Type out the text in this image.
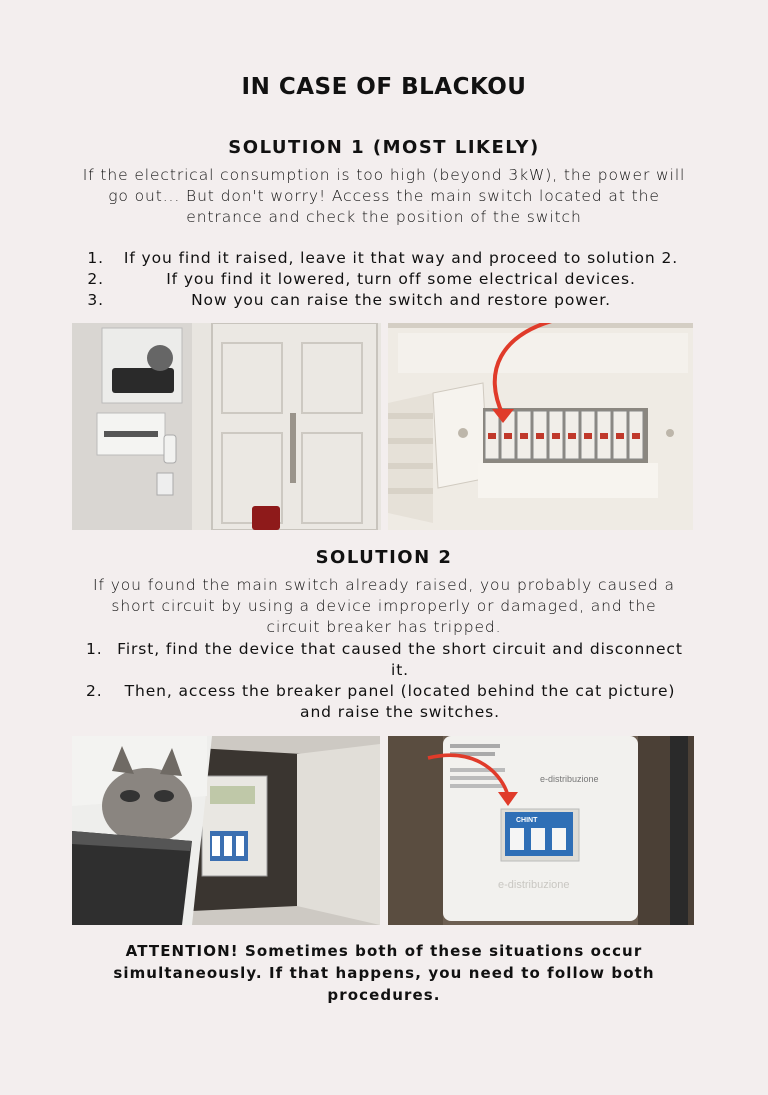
IN CASE OF BLACKOU
SOLUTION 1 (MOST LIKELY)
If the electrical consumption is too high (beyond 3kW), the power will
go out... But don't worry! Access the main switch located at the
entrance and check the position of the switch
1.	If you find it raised, leave it that way and proceed to solution 2.
2.	If you find it lowered, turn off some electrical devices.
3.	Now you can raise the switch and restore power.
SOLUTION 2
If you found the main switch already raised, you probably caused a
short circuit by using a device improperly or damaged, and the
circuit breaker has tripped.
1. First, find the device that caused the short circuit and disconnect it.
2. Then, access the breaker panel (located behind the cat picture) and raise the switches.
e-distribuzione
CHINT
e-distribuzione
ATTENTION! Sometimes both of these situations occur
simultaneously. If that happens, you need to follow both
procedures.
